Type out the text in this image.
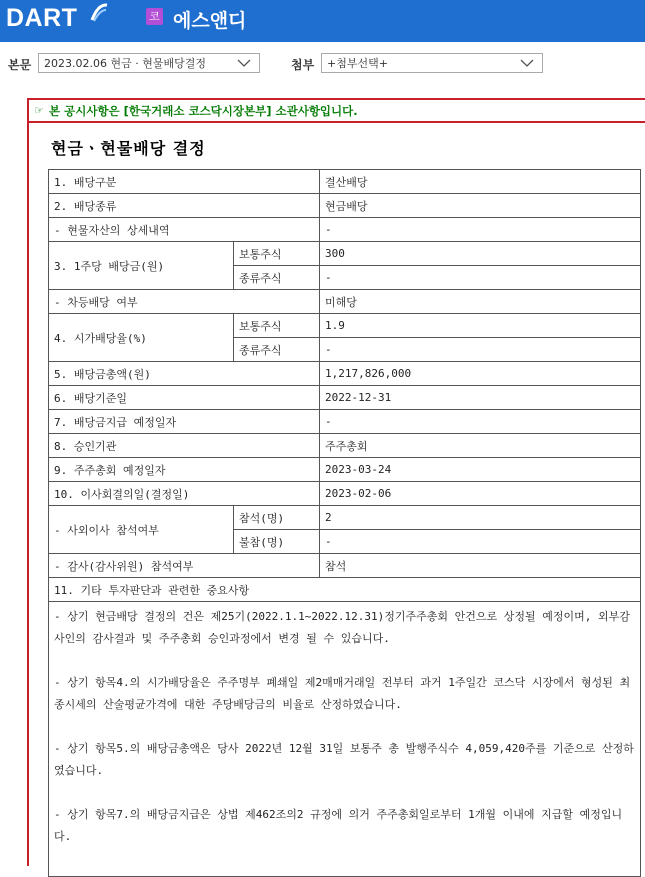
DART	코 에스앤디
본문	2023.02.06 현금 · 현물배당결정	첨부	+첨부선택+
☞ 본 공시사항은 [한국거래소 코스닥시장본부] 소관사항입니다.
현금ㆍ현물배당 결정
1. 배당구분		결산배당
2. 배당종류		현금배당
- 현물자산의 상세내역		-
3. 1주당 배당금(원)	보통주식	300
	종류주식	-
- 차등배당 여부		미해당
4. 시가배당율(%)	보통주식	1.9
	종류주식	-
5. 배당금총액(원)		1,217,826,000
6. 배당기준일		2022-12-31
7. 배당금지급 예정일자		-
8. 승인기관		주주총회
9. 주주총회 예정일자		2023-03-24
10. 이사회결의일(결정일)		2023-02-06
- 사외이사 참석여부	참석(명)	2
	불참(명)	-
- 감사(감사위원) 참석여부		참석
11. 기타 투자판단과 관련한 중요사항		

- 상기 현금배당 결정의 건은 제25기(2022.1.1~2022.12.31)정기주주총회 안건으로 상정될 예정이며, 외부감사인의 감사결과 및 주주총회 승인과정에서 변경 될 수 있습니다.

- 상기 항목4.의 시가배당율은 주주명부 폐쇄일 제2매매거래일 전부터 과거 1주일간 코스닥 시장에서 형성된 최종시세의 산술평균가격에 대한 주당배당금의 비율로 산정하였습니다.

- 상기 항목5.의 배당금총액은 당사 2022년 12월 31일 보통주 총 발행주식수 4,059,420주를 기준으로 산정하였습니다.

- 상기 항목7.의 배당금지급은 상법 제462조의2 규정에 의거 주주총회일로부터 1개월 이내에 지급할 예정입니다.		
